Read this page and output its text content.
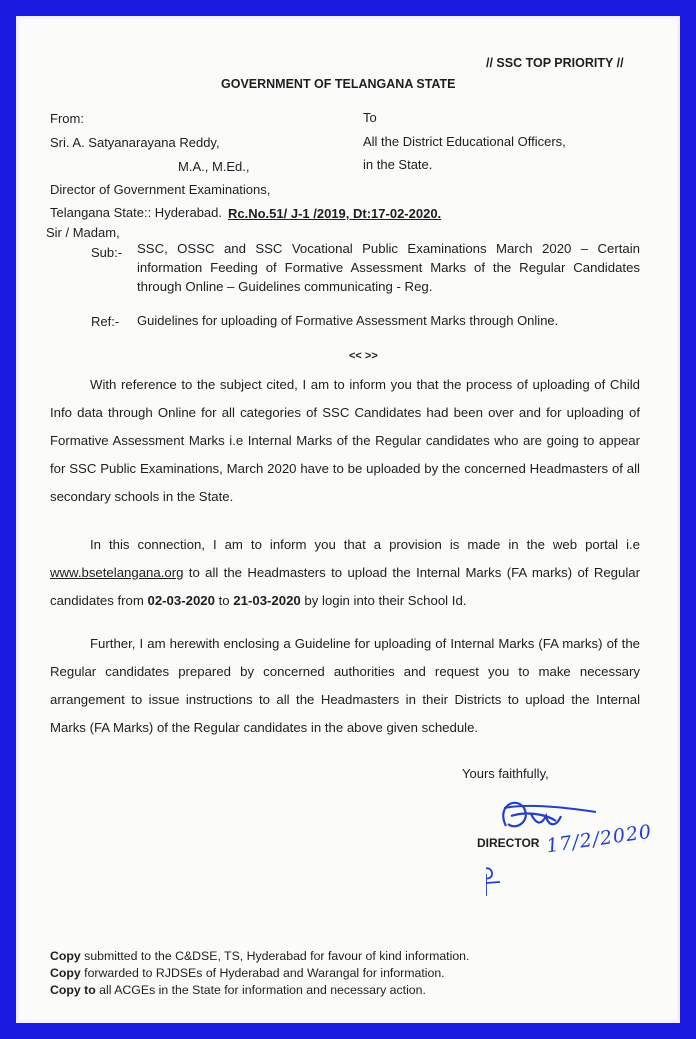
// SSC TOP PRIORITY //
GOVERNMENT OF TELANGANA STATE
From:
Sri. A. Satyanarayana Reddy,
M.A., M.Ed.,
Director of Government Examinations,
Telangana State:: Hyderabad.
To
All the District Educational Officers,
in the State.
Rc.No.51/ J-1 /2019, Dt:17-02-2020.
Sir / Madam,
Sub:- SSC, OSSC and SSC Vocational Public Examinations March 2020 – Certain information Feeding of Formative Assessment Marks of the Regular Candidates through Online – Guidelines communicating - Reg.
Ref:- Guidelines for uploading of Formative Assessment Marks through Online.
<< >>
With reference to the subject cited, I am to inform you that the process of uploading of Child Info data through Online for all categories of SSC Candidates had been over and for uploading of Formative Assessment Marks i.e Internal Marks of the Regular candidates who are going to appear for SSC Public Examinations, March 2020 have to be uploaded by the concerned Headmasters of all secondary schools in the State.
In this connection, I am to inform you that a provision is made in the web portal i.e www.bsetelangana.org to all the Headmasters to upload the Internal Marks (FA marks) of Regular candidates from 02-03-2020 to 21-03-2020 by login into their School Id.
Further, I am herewith enclosing a Guideline for uploading of Internal Marks (FA marks) of the Regular candidates prepared by concerned authorities and request you to make necessary arrangement to issue instructions to all the Headmasters in their Districts to upload the Internal Marks (FA Marks) of the Regular candidates in the above given schedule.
Yours faithfully,
17/2/2020
DIRECTOR
Copy submitted to the C&DSE, TS, Hyderabad for favour of kind information.
Copy forwarded to RJDSEs of Hyderabad and Warangal for information.
Copy to all ACGEs in the State for information and necessary action.
